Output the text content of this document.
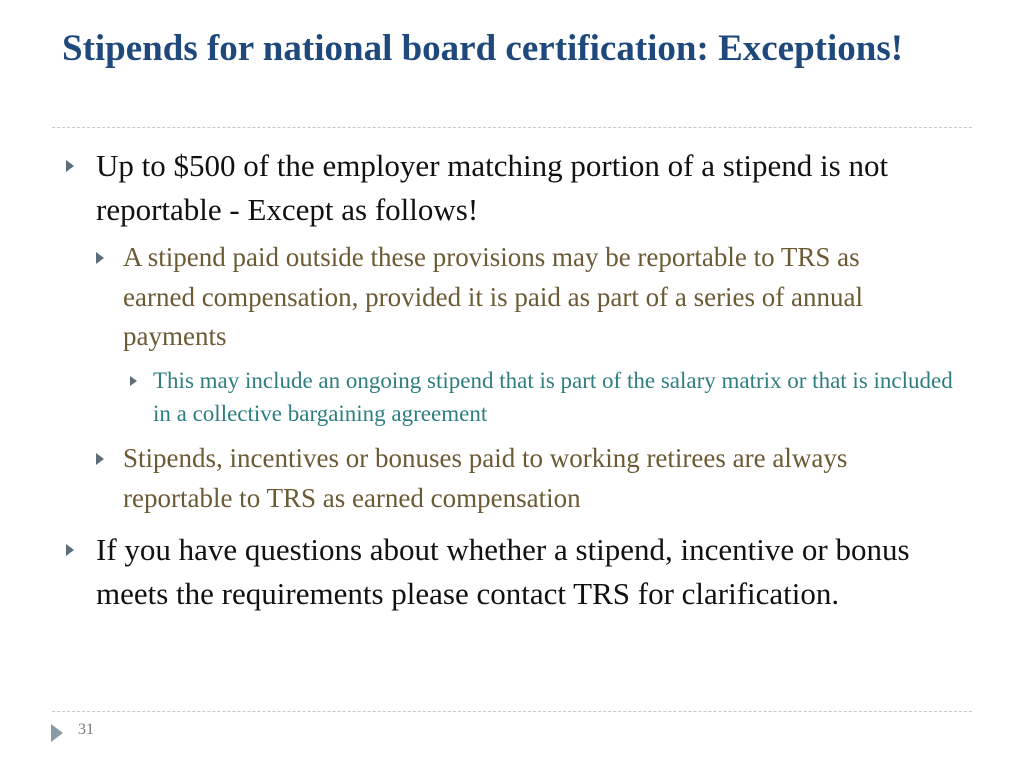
Stipends for national board certification: Exceptions!

Up to $500 of the employer matching portion of a stipend is not reportable - Except as follows!

A stipend paid outside these provisions may be reportable to TRS as earned compensation, provided it is paid as part of a series of annual payments

This may include an ongoing stipend that is part of the salary matrix or that is included in a collective bargaining agreement

Stipends, incentives or bonuses paid to working retirees are always reportable to TRS as earned compensation

If you have questions about whether a stipend, incentive or bonus meets the requirements please contact TRS for clarification.

31
